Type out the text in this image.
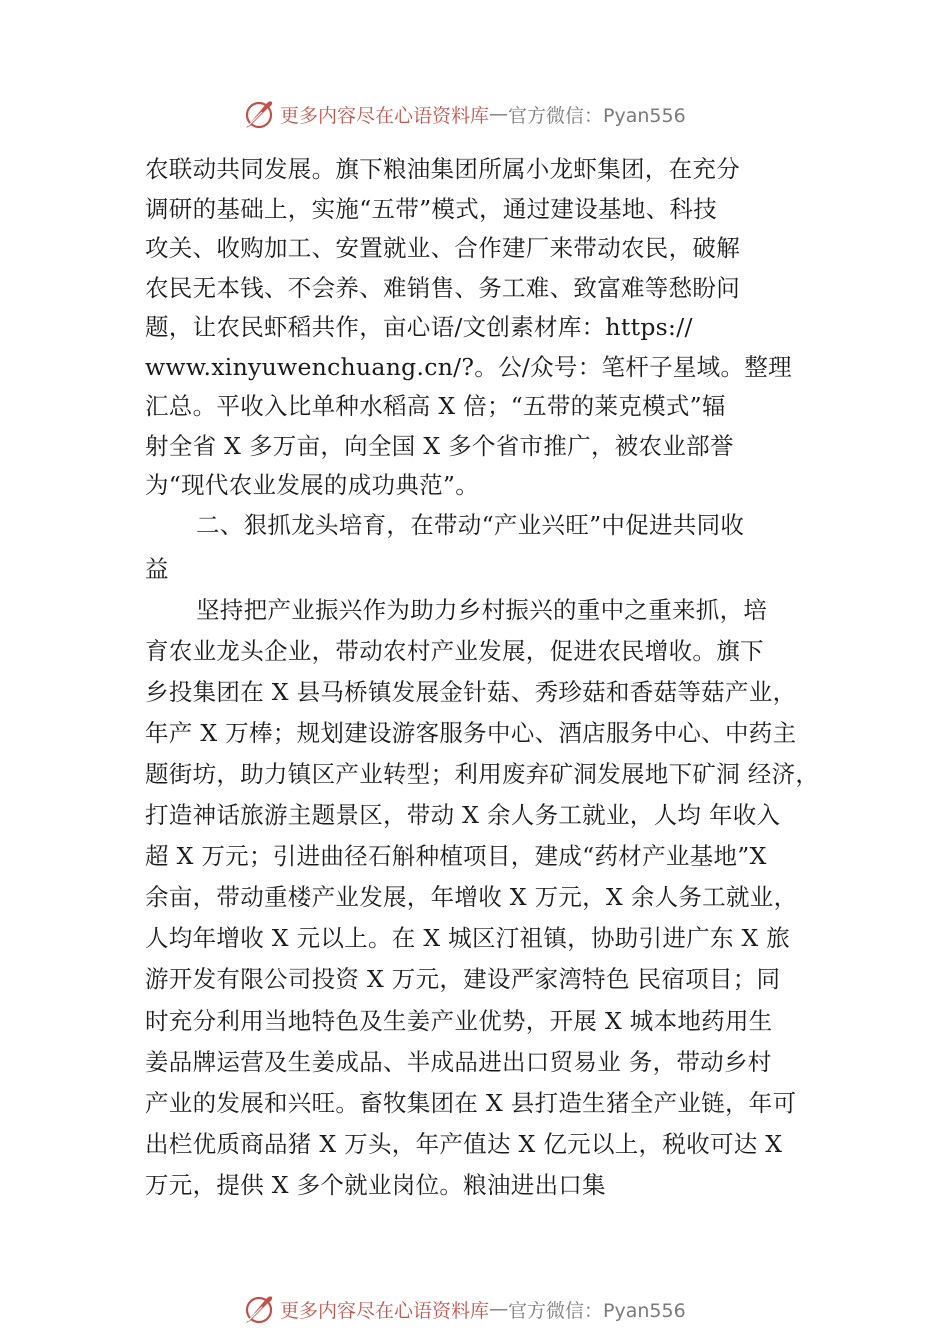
更多内容尽在心语资料库 — 官方微信：Pyan556
农联动共同发展。旗下粮油集团所属小龙虾集团，在充分
调研的基础上，实施“五带”模式，通过建设基地、科技
攻关、收购加工、安置就业、合作建厂来带动农民，破解
农民无本钱、不会养、难销售、务工难、致富难等愁盼问
题，让农民虾稻共作，亩心语/文创素材库：https://
www.xinyuwenchuang.cn/?。公/众号：笔杆子星域。整理
汇总。平收入比单种水稻高 X 倍；“五带的莱克模式”辐
射全省 X 多万亩，向全国 X 多个省市推广，被农业部誉
为“现代农业发展的成功典范”。
二、狠抓龙头培育，在带动“产业兴旺”中促进共同收
益
坚持把产业振兴作为助力乡村振兴的重中之重来抓，培
育农业龙头企业，带动农村产业发展，促进农民增收。旗下
乡投集团在 X 县马桥镇发展金针菇、秀珍菇和香菇等菇产业，
年产 X 万棒；规划建设游客服务中心、酒店服务中心、中药主
题街坊，助力镇区产业转型；利用废弃矿洞发展地下矿洞 经济，
打造神话旅游主题景区，带动 X 余人务工就业，人均 年收入
超 X 万元；引进曲径石斛种植项目，建成“药材产业基地”X
余亩，带动重楼产业发展，年增收 X 万元，X 余人务工就业，
人均年增收 X 元以上。在 X 城区汀祖镇，协助引进广东 X 旅
游开发有限公司投资 X 万元，建设严家湾特色 民宿项目；同
时充分利用当地特色及生姜产业优势，开展 X 城本地药用生
姜品牌运营及生姜成品、半成品进出口贸易业 务，带动乡村
产业的发展和兴旺。畜牧集团在 X 县打造生猪全产业链，年可
出栏优质商品猪 X 万头，年产值达 X 亿元以上，税收可达 X
万元，提供 X 多个就业岗位。粮油进出口集
更多内容尽在心语资料库 — 官方微信：Pyan556
